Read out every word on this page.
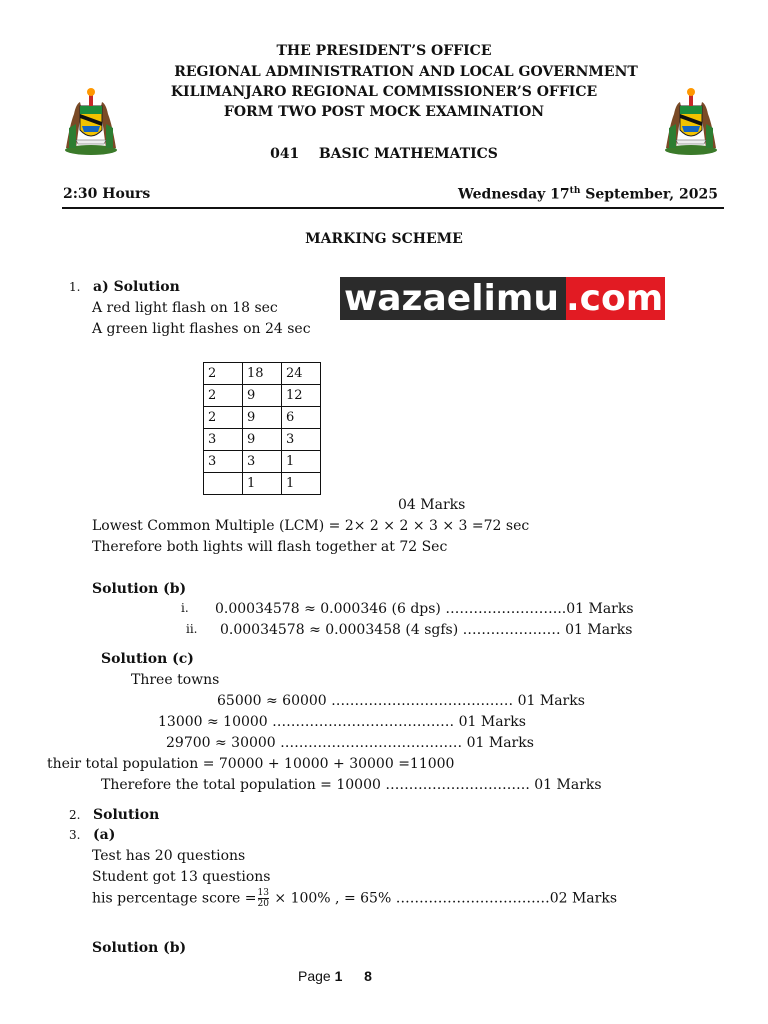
THE PRESIDENT’S OFFICE
REGIONAL ADMINISTRATION AND LOCAL GOVERNMENT
KILIMANJARO REGIONAL COMMISSIONER’S OFFICE
FORM TWO POST MOCK EXAMINATION
041 BASIC MATHEMATICS
2:30 Hours	Wednesday 17th September, 2025
MARKING SCHEME
wazaelimu .com
1. a) Solution
A red light flash on 18 sec
A green light flashes on 24 sec
2	18	24
2	9	12
2	9	6
3	9	3
3	3	1
	1	1
04 Marks
Lowest Common Multiple (LCM) = 2× 2 × 2 × 3 × 3 =72 sec
Therefore both lights will flash together at 72 Sec
Solution (b)
i. 0.00034578 ≈ 0.000346 (6 dps) ……………………..01 Marks
ii. 0.00034578 ≈ 0.0003458 (4 sgfs) ………………… 01 Marks
Solution (c)
Three towns
65000 ≈ 60000 ………………………………… 01 Marks
13000 ≈ 10000 ………………………………… 01 Marks
29700 ≈ 30000 ………………………………… 01 Marks
their total population = 70000 + 10000 + 30000 =11000
Therefore the total population = 10000 …………………………. 01 Marks
2. Solution
3. (a)
Test has 20 questions
Student got 13 questions
his percentage score = $\frac{13}{20} \times 100\%$ , = 65% ……………………………02 Marks
Solution (b)
Page 1 8
